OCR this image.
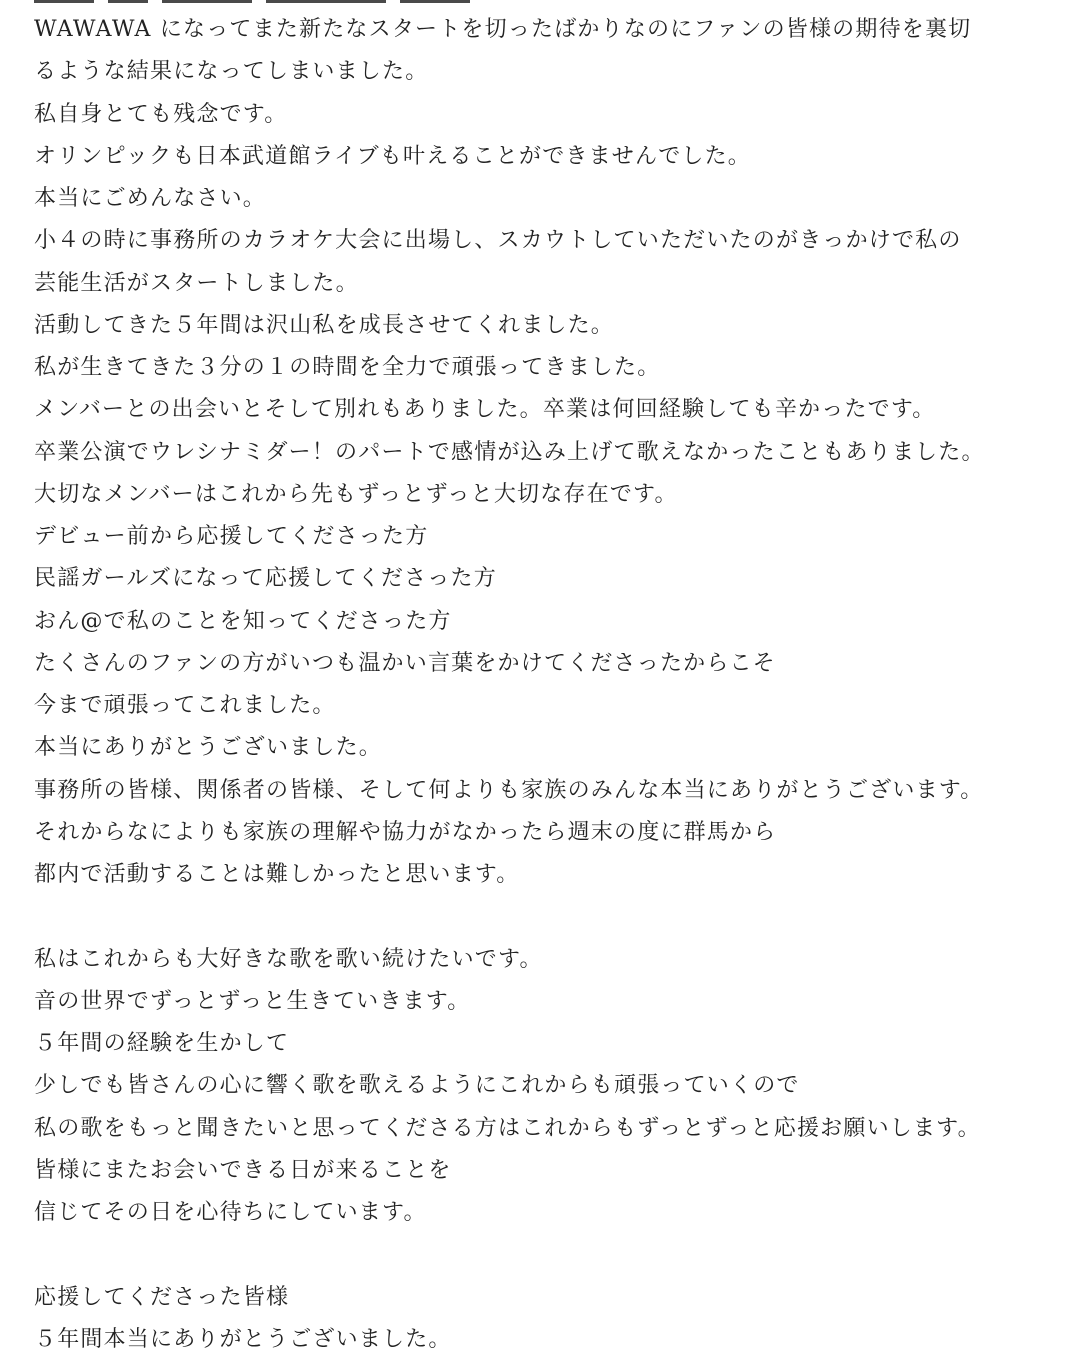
WAWAWA になってまた新たなスタートを切ったばかりなのにファンの皆様の期待を裏切
るような結果になってしまいました。
私自身とても残念です。
オリンピックも日本武道館ライブも叶えることができませんでした。
本当にごめんなさい。
小４の時に事務所のカラオケ大会に出場し、スカウトしていただいたのがきっかけで私の
芸能生活がスタートしました。
活動してきた５年間は沢山私を成長させてくれました。
私が生きてきた３分の１の時間を全力で頑張ってきました。
メンバーとの出会いとそして別れもありました。卒業は何回経験しても辛かったです。
卒業公演でウレシナミダー！のパートで感情が込み上げて歌えなかったこともありました。
大切なメンバーはこれから先もずっとずっと大切な存在です。
デビュー前から応援してくださった方
民謡ガールズになって応援してくださった方
おん@で私のことを知ってくださった方
たくさんのファンの方がいつも温かい言葉をかけてくださったからこそ
今まで頑張ってこれました。
本当にありがとうございました。
事務所の皆様、関係者の皆様、そして何よりも家族のみんな本当にありがとうございます。
それからなによりも家族の理解や協力がなかったら週末の度に群馬から
都内で活動することは難しかったと思います。
私はこれからも大好きな歌を歌い続けたいです。
音の世界でずっとずっと生きていきます。
５年間の経験を生かして
少しでも皆さんの心に響く歌を歌えるようにこれからも頑張っていくので
私の歌をもっと聞きたいと思ってくださる方はこれからもずっとずっと応援お願いします。
皆様にまたお会いできる日が来ることを
信じてその日を心待ちにしています。
応援してくださった皆様
５年間本当にありがとうございました。
